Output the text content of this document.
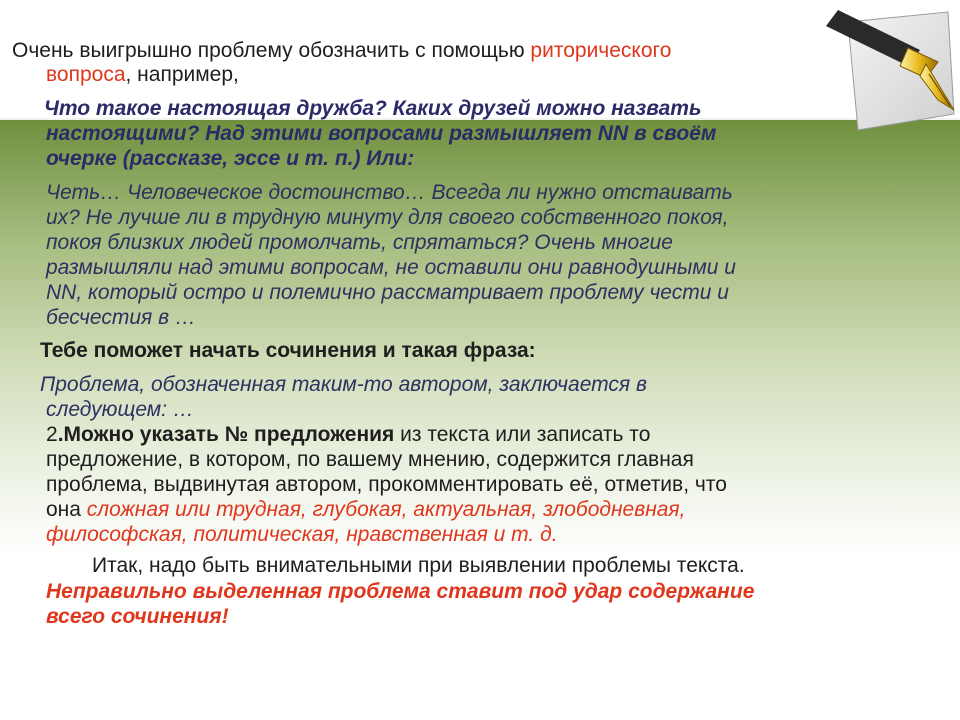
Очень выигрышно проблему обозначить с помощью риторического
вопроса, например,
Что такое настоящая дружба? Каких друзей можно назвать
настоящими? Над этими вопросами размышляет NN в своём
очерке (рассказе, эссе и т. п.) Или:
Четь… Человеческое достоинство… Всегда ли нужно отстаивать
их? Не лучше ли в трудную минуту для своего собственного покоя,
покоя близких людей промолчать, спрятаться? Очень многие
размышляли над этими вопросам, не оставили они равнодушными и
NN, который остро и полемично рассматривает проблему чести и
бесчестия в …
Тебе поможет начать сочинения и такая фраза:
Проблема, обозначенная таким-то автором, заключается в
следующем: …
2.Можно указать № предложения из текста или записать то
предложение, в котором, по вашему мнению, содержится главная
проблема, выдвинутая автором, прокомментировать её, отметив, что
она сложная или трудная, глубокая, актуальная, злободневная,
философская, политическая, нравственная и т. д.
Итак, надо быть внимательными при выявлении проблемы текста.
Неправильно выделенная проблема ставит под удар содержание
всего сочинения!
